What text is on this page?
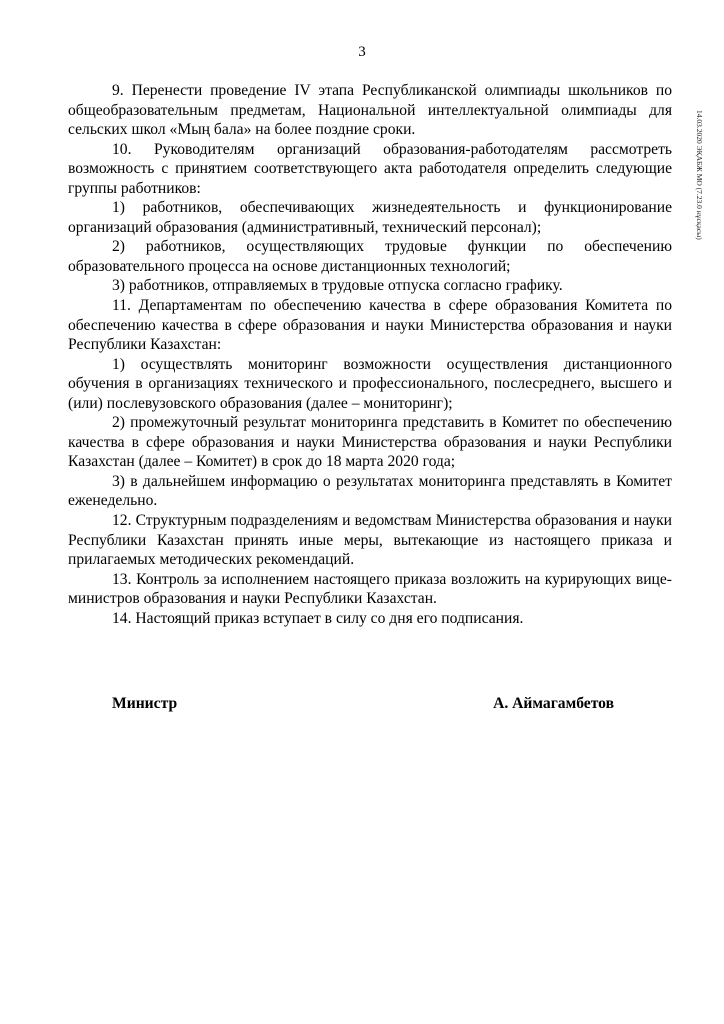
3
14.03.2020 ЭҚАБЖ МО (7.23.0 нұсқасы)

9. Перенести проведение IV этапа Республиканской олимпиады школьников по общеобразовательным предметам, Национальной интеллектуальной олимпиады для сельских школ «Мың бала» на более поздние сроки.

10. Руководителям организаций образования-работодателям рассмотреть возможность с принятием соответствующего акта работодателя определить следующие группы работников:

1) работников, обеспечивающих жизнедеятельность и функционирование организаций образования (административный, технический персонал);

2) работников, осуществляющих трудовые функции по обеспечению образовательного процесса на основе дистанционных технологий;

3) работников, отправляемых в трудовые отпуска согласно графику.

11. Департаментам по обеспечению качества в сфере образования Комитета по обеспечению качества в сфере образования и науки Министерства образования и науки Республики Казахстан:

1) осуществлять мониторинг возможности осуществления дистанционного обучения в организациях технического и профессионального, послесреднего, высшего и (или) послевузовского образования (далее – мониторинг);

2) промежуточный результат мониторинга представить в Комитет по обеспечению качества в сфере образования и науки Министерства образования и науки Республики Казахстан (далее – Комитет) в срок до 18 марта 2020 года;

3) в дальнейшем информацию о результатах мониторинга представлять в Комитет еженедельно.

12. Структурным подразделениям и ведомствам Министерства образования и науки Республики Казахстан принять иные меры, вытекающие из настоящего приказа и прилагаемых методических рекомендаций.

13. Контроль за исполнением настоящего приказа возложить на курирующих вице-министров образования и науки Республики Казахстан.

14. Настоящий приказ вступает в силу со дня его подписания.

Министр	А. Аймагамбетов
